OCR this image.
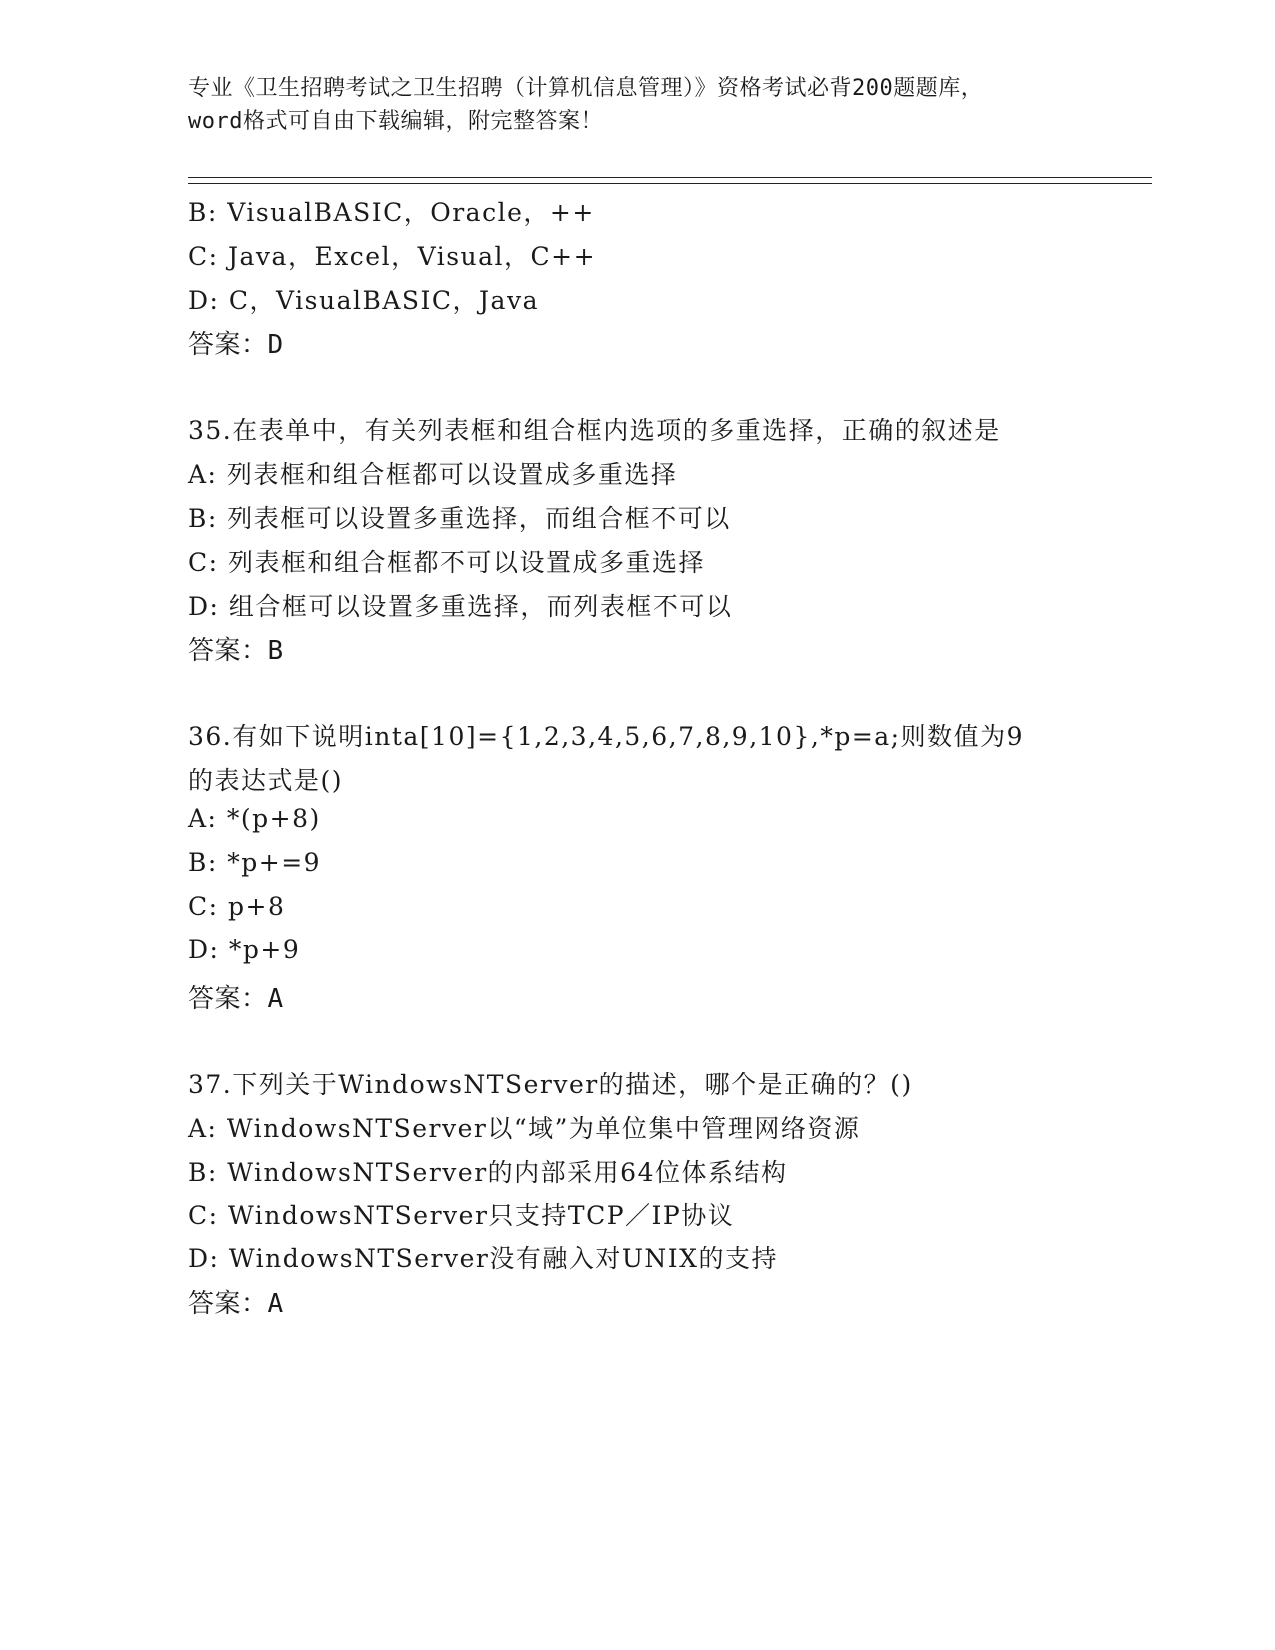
专业《卫生招聘考试之卫生招聘（计算机信息管理）》资格考试必背200题题库，
word格式可自由下载编辑，附完整答案！
B: VisualBASIC，Oracle，++
C: Java，Excel，Visual，C++
D: C，VisualBASIC，Java
答案：D
35.在表单中，有关列表框和组合框内选项的多重选择，正确的叙述是
A: 列表框和组合框都可以设置成多重选择
B: 列表框可以设置多重选择，而组合框不可以
C: 列表框和组合框都不可以设置成多重选择
D: 组合框可以设置多重选择，而列表框不可以
答案：B
36.有如下说明inta[10]={1,2,3,4,5,6,7,8,9,10},*p=a;则数值为9
的表达式是()
A: *(p+8)
B: *p+=9
C: p+8
D: *p+9
答案：A
37.下列关于WindowsNTServer的描述，哪个是正确的？()
A: WindowsNTServer以“域”为单位集中管理网络资源
B: WindowsNTServer的内部采用64位体系结构
C: WindowsNTServer只支持TCP／IP协议
D: WindowsNTServer没有融入对UNIX的支持
答案：A
